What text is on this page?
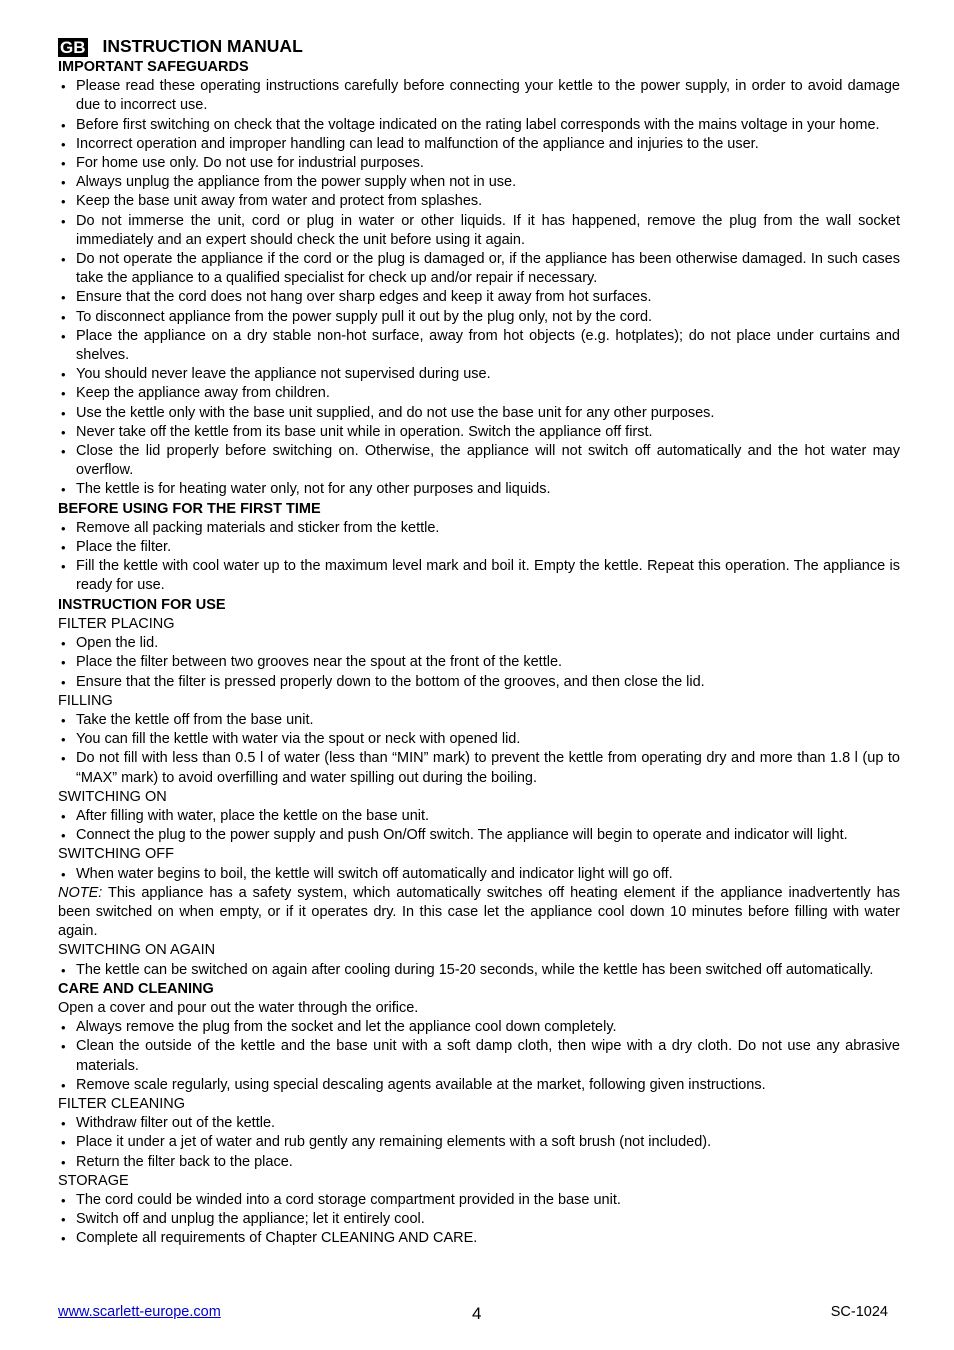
GB INSTRUCTION MANUAL
IMPORTANT SAFEGUARDS
• Please read these operating instructions carefully before connecting your kettle to the power supply, in order to avoid damage due to incorrect use.
• Before first switching on check that the voltage indicated on the rating label corresponds with the mains voltage in your home.
• Incorrect operation and improper handling can lead to malfunction of the appliance and injuries to the user.
• For home use only. Do not use for industrial purposes.
• Always unplug the appliance from the power supply when not in use.
• Keep the base unit away from water and protect from splashes.
• Do not immerse the unit, cord or plug in water or other liquids. If it has happened, remove the plug from the wall socket immediately and an expert should check the unit before using it again.
• Do not operate the appliance if the cord or the plug is damaged or, if the appliance has been otherwise damaged. In such cases take the appliance to a qualified specialist for check up and/or repair if necessary.
• Ensure that the cord does not hang over sharp edges and keep it away from hot surfaces.
• To disconnect appliance from the power supply pull it out by the plug only, not by the cord.
• Place the appliance on a dry stable non-hot surface, away from hot objects (e.g. hotplates); do not place under curtains and shelves.
• You should never leave the appliance not supervised during use.
• Keep the appliance away from children.
• Use the kettle only with the base unit supplied, and do not use the base unit for any other purposes.
• Never take off the kettle from its base unit while in operation. Switch the appliance off first.
• Close the lid properly before switching on. Otherwise, the appliance will not switch off automatically and the hot water may overflow.
• The kettle is for heating water only, not for any other purposes and liquids.
BEFORE USING FOR THE FIRST TIME
• Remove all packing materials and sticker from the kettle.
• Place the filter.
• Fill the kettle with cool water up to the maximum level mark and boil it. Empty the kettle. Repeat this operation. The appliance is ready for use.
INSTRUCTION FOR USE
FILTER PLACING
• Open the lid.
• Place the filter between two grooves near the spout at the front of the kettle.
• Ensure that the filter is pressed properly down to the bottom of the grooves, and then close the lid.
FILLING
• Take the kettle off from the base unit.
• You can fill the kettle with water via the spout or neck with opened lid.
• Do not fill with less than 0.5 l of water (less than “MIN” mark) to prevent the kettle from operating dry and more than 1.8 l (up to “MAX” mark) to avoid overfilling and water spilling out during the boiling.
SWITCHING ON
• After filling with water, place the kettle on the base unit.
• Connect the plug to the power supply and push On/Off switch. The appliance will begin to operate and indicator will light.
SWITCHING OFF
• When water begins to boil, the kettle will switch off automatically and indicator light will go off.
NOTE: This appliance has a safety system, which automatically switches off heating element if the appliance inadvertently has been switched on when empty, or if it operates dry. In this case let the appliance cool down 10 minutes before filling with water again.
SWITCHING ON AGAIN
• The kettle can be switched on again after cooling during 15-20 seconds, while the kettle has been switched off automatically.
CARE AND CLEANING
Open a cover and pour out the water through the orifice.
• Always remove the plug from the socket and let the appliance cool down completely.
• Clean the outside of the kettle and the base unit with a soft damp cloth, then wipe with a dry cloth. Do not use any abrasive materials.
• Remove scale regularly, using special descaling agents available at the market, following given instructions.
FILTER CLEANING
• Withdraw filter out of the kettle.
• Place it under a jet of water and rub gently any remaining elements with a soft brush (not included).
• Return the filter back to the place.
STORAGE
• The cord could be winded into a cord storage compartment provided in the base unit.
• Switch off and unplug the appliance; let it entirely cool.
• Complete all requirements of Chapter CLEANING AND CARE.
www.scarlett-europe.com	4	SC-1024
